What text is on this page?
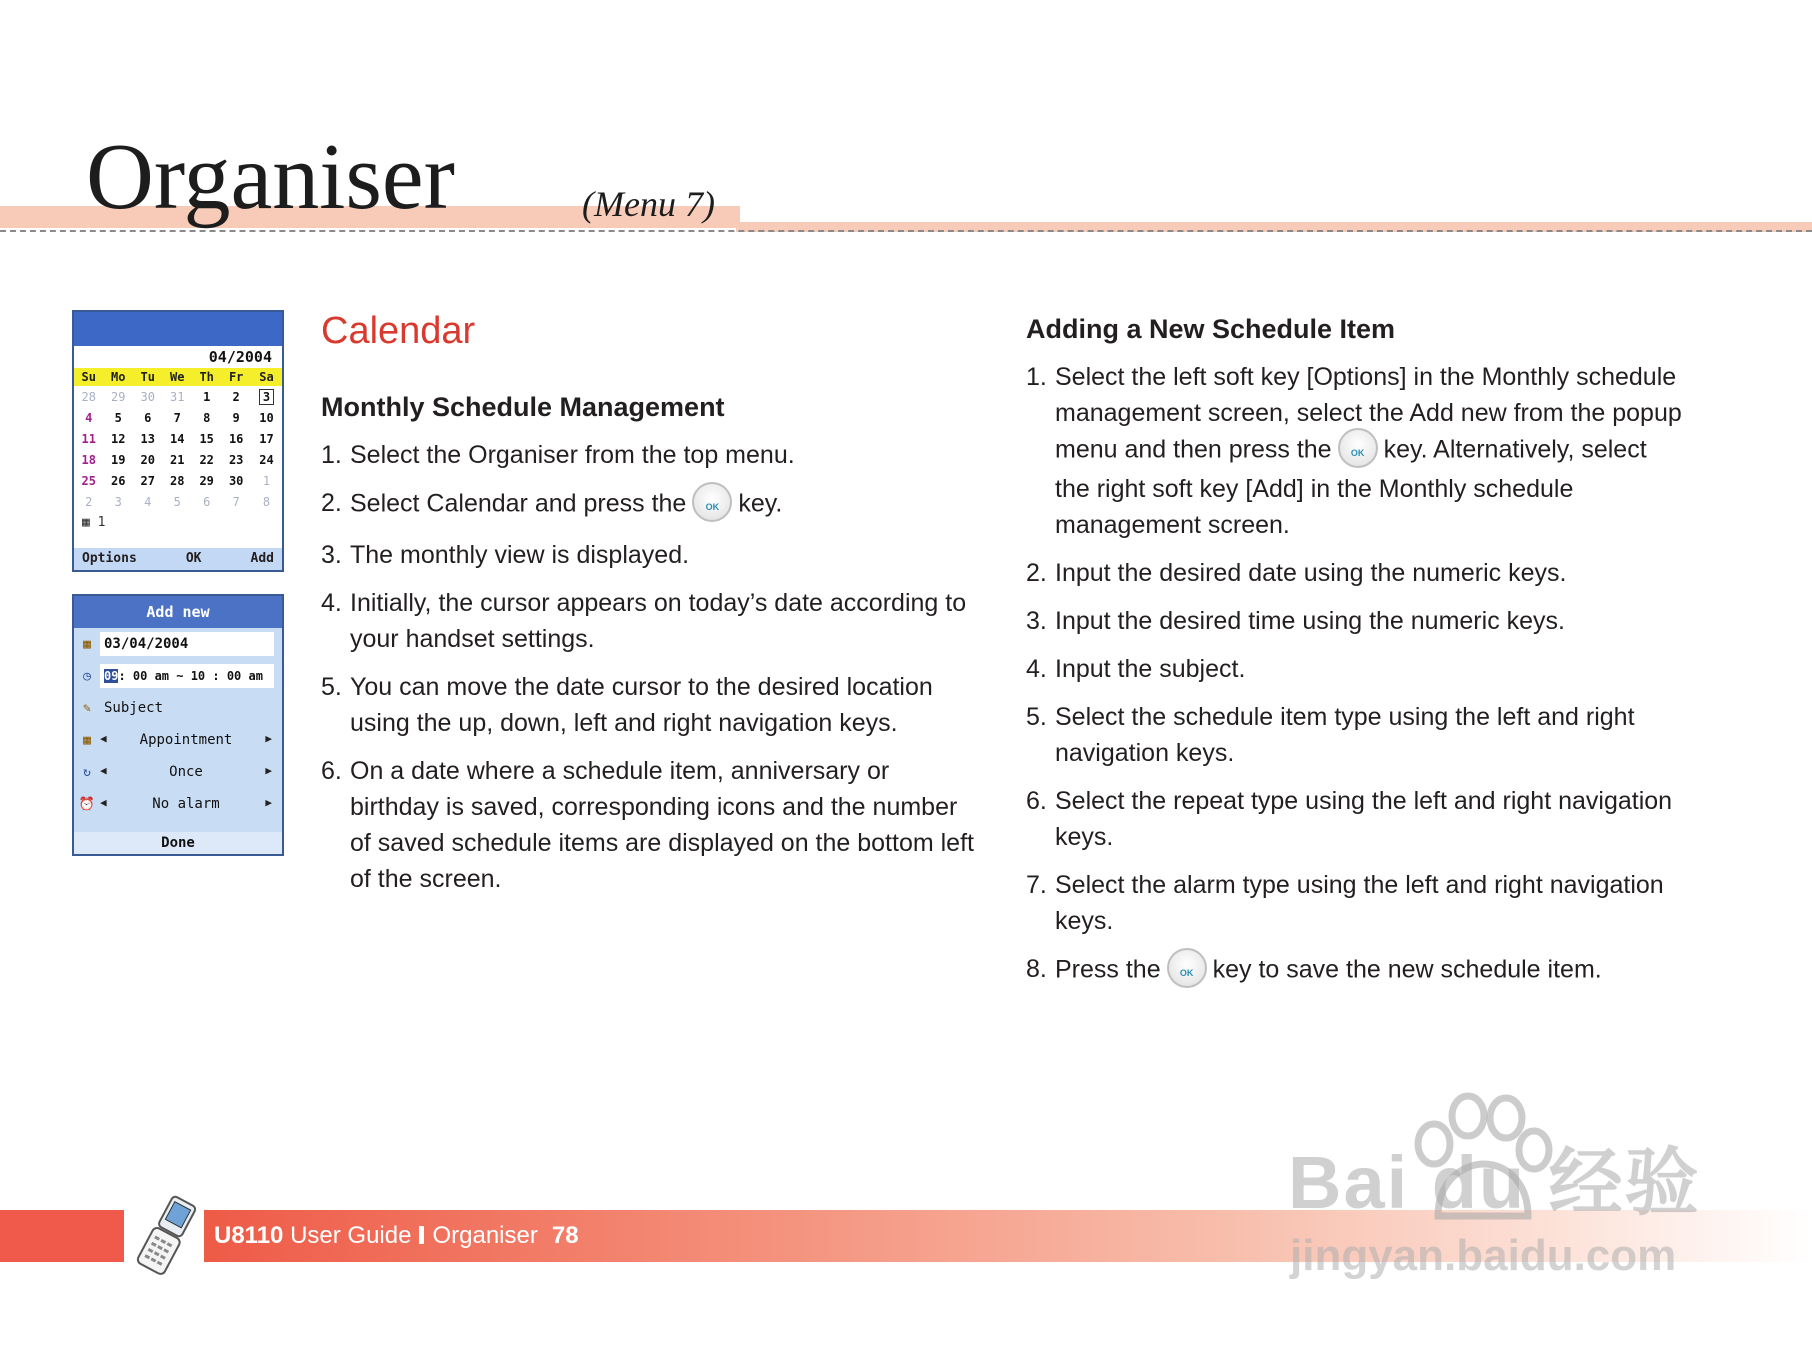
Organiser	(Menu 7)
04/2004
Su	Mo	Tu	We	Th	Fr	Sa
28	29	30	31	1	2	3
4	5	6	7	8	9	10
11	12	13	14	15	16	17
18	19	20	21	22	23	24
25	26	27	28	29	30	1
2	3	4	5	6	7	8
▦ 1
Options	OK	Add
Add new
▦ 03/04/2004
◷	09: 00 am ~ 10 : 00 am
✎ Subject
▦ ◀ Appointment	▶
↻ ◀	Once	▶
⏰ ◀	No alarm	▶
Done
Calendar
Monthly Schedule Management
1. Select the Organiser from the top menu.
2. Select Calendar and press the OK key.
3. The monthly view is displayed.
4. Initially, the cursor appears on today’s date according to your handset settings.
5. You can move the date cursor to the desired location using the up, down, left and right navigation keys.
6. On a date where a schedule item, anniversary or birthday is saved, corresponding icons and the number of saved schedule items are displayed on the bottom left of the screen.
Adding a New Schedule Item
1. Select the left soft key [Options] in the Monthly schedule management screen, select the Add new from the popup menu and then press the OK key. Alternatively, select the right soft key [Add] in the Monthly schedule management screen.
2. Input the desired date using the numeric keys.
3. Input the desired time using the numeric keys.
4. Input the subject.
5. Select the schedule item type using the left and right navigation keys.
6. Select the repeat type using the left and right navigation keys.
7. Select the alarm type using the left and right navigation keys.
8. Press the OK key to save the new schedule item.
U8110 User Guide Organiser 78
Bai du 经验
jingyan.baidu.com
